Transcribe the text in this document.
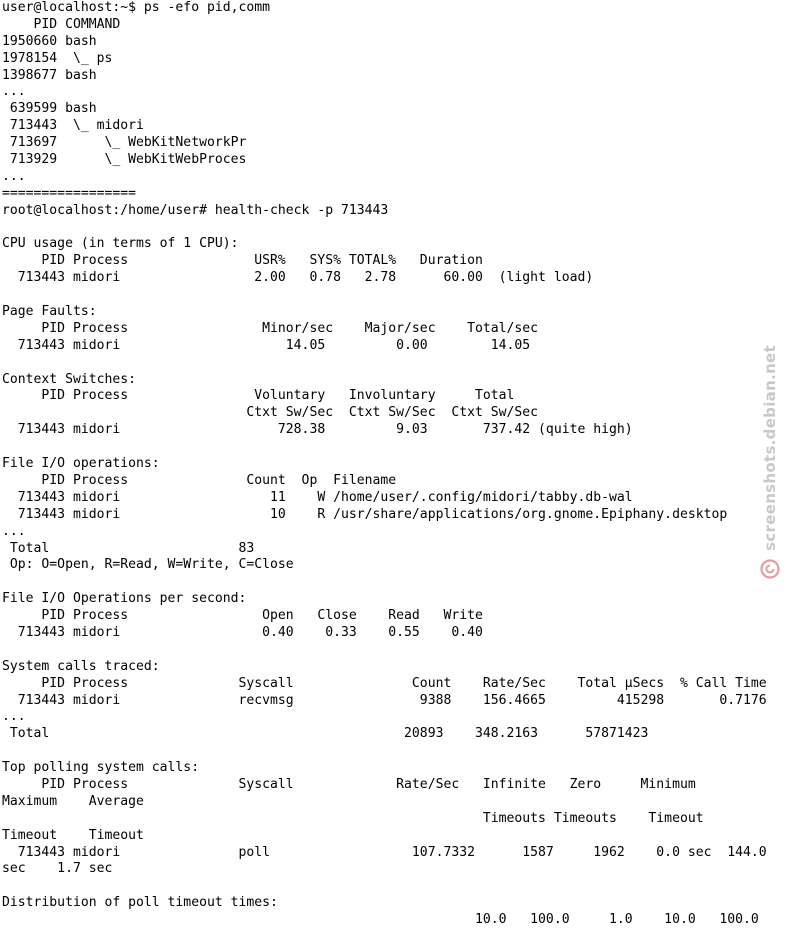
user@localhost:~$ ps -efo pid,comm
PID COMMAND
1950660 bash
1978154  \_ ps
1398677 bash
...
639599 bash
713443  \_ midori
713697      \_ WebKitNetworkPr
713929      \_ WebKitWebProces
...
=================
root@localhost:/home/user# health-check -p 713443
CPU usage (in terms of 1 CPU):
PID Process                USR%   SYS% TOTAL%   Duration
713443 midori                 2.00   0.78   2.78      60.00  (light load)
Page Faults:
PID Process                 Minor/sec    Major/sec    Total/sec
713443 midori                     14.05         0.00        14.05
Context Switches:
PID Process                Voluntary   Involuntary     Total
Ctxt Sw/Sec  Ctxt Sw/Sec  Ctxt Sw/Sec
713443 midori                    728.38         9.03       737.42 (quite high)
File I/O operations:
PID Process               Count  Op  Filename
713443 midori                   11    W /home/user/.config/midori/tabby.db-wal
713443 midori                   10    R /usr/share/applications/org.gnome.Epiphany.desktop
...
Total                        83
Op: O=Open, R=Read, W=Write, C=Close
File I/O Operations per second:
PID Process                 Open   Close    Read   Write
713443 midori                  0.40    0.33    0.55    0.40
System calls traced:
PID Process              Syscall               Count    Rate/Sec    Total µSecs  % Call Time
713443 midori               recvmsg                9388    156.4665         415298       0.7176
...
Total                                             20893    348.2163      57871423
Top polling system calls:
PID Process              Syscall             Rate/Sec   Infinite   Zero     Minimum
Maximum    Average
Timeouts Timeouts    Timeout
Timeout    Timeout
713443 midori               poll                  107.7332      1587     1962    0.0 sec  144.0
sec    1.7 sec
Distribution of poll timeout times:
10.0   100.0     1.0    10.0   100.0
screenshots.debian.net
